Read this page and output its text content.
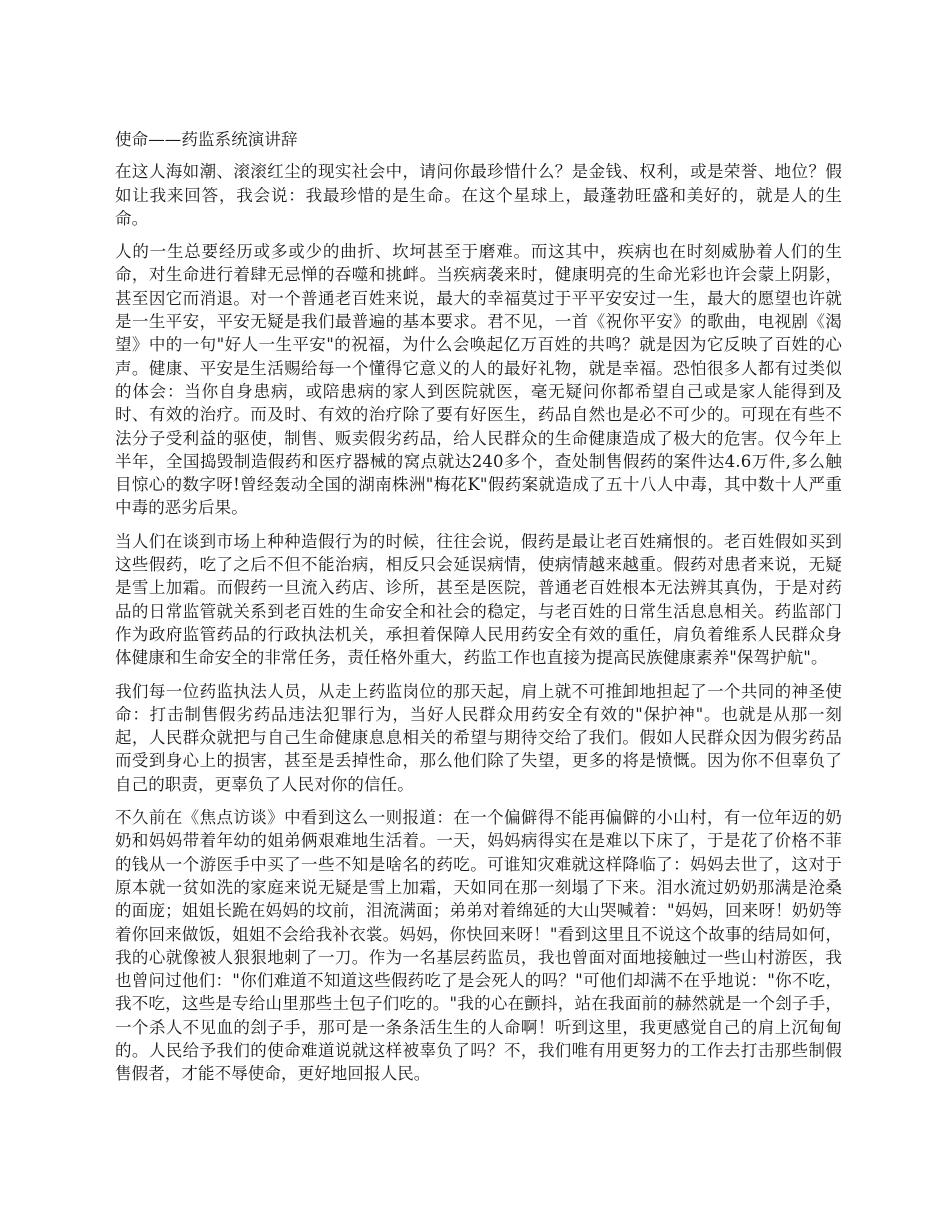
使命——药监系统演讲辞

在这人海如潮、滚滚红尘的现实社会中，请问你最珍惜什么？是金钱、权利，或是荣誉、地位？假如让我来回答，我会说：我最珍惜的是生命。在这个星球上，最蓬勃旺盛和美好的，就是人的生命。

人的一生总要经历或多或少的曲折、坎坷甚至于磨难。而这其中，疾病也在时刻威胁着人们的生命，对生命进行着肆无忌惮的吞噬和挑衅。当疾病袭来时，健康明亮的生命光彩也许会蒙上阴影，甚至因它而消退。对一个普通老百姓来说，最大的幸福莫过于平平安安过一生，最大的愿望也许就是一生平安，平安无疑是我们最普遍的基本要求。君不见，一首《祝你平安》的歌曲，电视剧《渴望》中的一句"好人一生平安"的祝福，为什么会唤起亿万百姓的共鸣？就是因为它反映了百姓的心声。健康、平安是生活赐给每一个懂得它意义的人的最好礼物，就是幸福。恐怕很多人都有过类似的体会：当你自身患病，或陪患病的家人到医院就医，毫无疑问你都希望自己或是家人能得到及时、有效的治疗。而及时、有效的治疗除了要有好医生，药品自然也是必不可少的。可现在有些不法分子受利益的驱使，制售、贩卖假劣药品，给人民群众的生命健康造成了极大的危害。仅今年上半年，全国捣毁制造假药和医疗器械的窝点就达240多个，查处制售假药的案件达4.6万件,多么触目惊心的数字呀!曾经轰动全国的湖南株洲"梅花K"假药案就造成了五十八人中毒，其中数十人严重中毒的恶劣后果。

当人们在谈到市场上种种造假行为的时候，往往会说，假药是最让老百姓痛恨的。老百姓假如买到这些假药，吃了之后不但不能治病，相反只会延误病情，使病情越来越重。假药对患者来说，无疑是雪上加霜。而假药一旦流入药店、诊所，甚至是医院，普通老百姓根本无法辨其真伪，于是对药品的日常监管就关系到老百姓的生命安全和社会的稳定，与老百姓的日常生活息息相关。药监部门作为政府监管药品的行政执法机关，承担着保障人民用药安全有效的重任，肩负着维系人民群众身体健康和生命安全的非常任务，责任格外重大，药监工作也直接为提高民族健康素养"保驾护航"。

我们每一位药监执法人员，从走上药监岗位的那天起，肩上就不可推卸地担起了一个共同的神圣使命：打击制售假劣药品违法犯罪行为，当好人民群众用药安全有效的"保护神"。也就是从那一刻起，人民群众就把与自己生命健康息息相关的希望与期待交给了我们。假如人民群众因为假劣药品而受到身心上的损害，甚至是丢掉性命，那么他们除了失望，更多的将是愤慨。因为你不但辜负了自己的职责，更辜负了人民对你的信任。

不久前在《焦点访谈》中看到这么一则报道：在一个偏僻得不能再偏僻的小山村，有一位年迈的奶奶和妈妈带着年幼的姐弟俩艰难地生活着。一天，妈妈病得实在是难以下床了，于是花了价格不菲的钱从一个游医手中买了一些不知是啥名的药吃。可谁知灾难就这样降临了：妈妈去世了，这对于原本就一贫如洗的家庭来说无疑是雪上加霜，天如同在那一刻塌了下来。泪水流过奶奶那满是沧桑的面庞；姐姐长跪在妈妈的坟前，泪流满面；弟弟对着绵延的大山哭喊着："妈妈，回来呀！奶奶等着你回来做饭，姐姐不会给我补衣裳。妈妈，你快回来呀！"看到这里且不说这个故事的结局如何，我的心就像被人狠狠地刺了一刀。作为一名基层药监员，我也曾面对面地接触过一些山村游医，我也曾问过他们："你们难道不知道这些假药吃了是会死人的吗？"可他们却满不在乎地说："你不吃，我不吃，这些是专给山里那些土包子们吃的。"我的心在颤抖，站在我面前的赫然就是一个刽子手，一个杀人不见血的刽子手，那可是一条条活生生的人命啊！听到这里，我更感觉自己的肩上沉甸甸的。人民给予我们的使命难道说就这样被辜负了吗？不，我们唯有用更努力的工作去打击那些制假售假者，才能不辱使命，更好地回报人民。
